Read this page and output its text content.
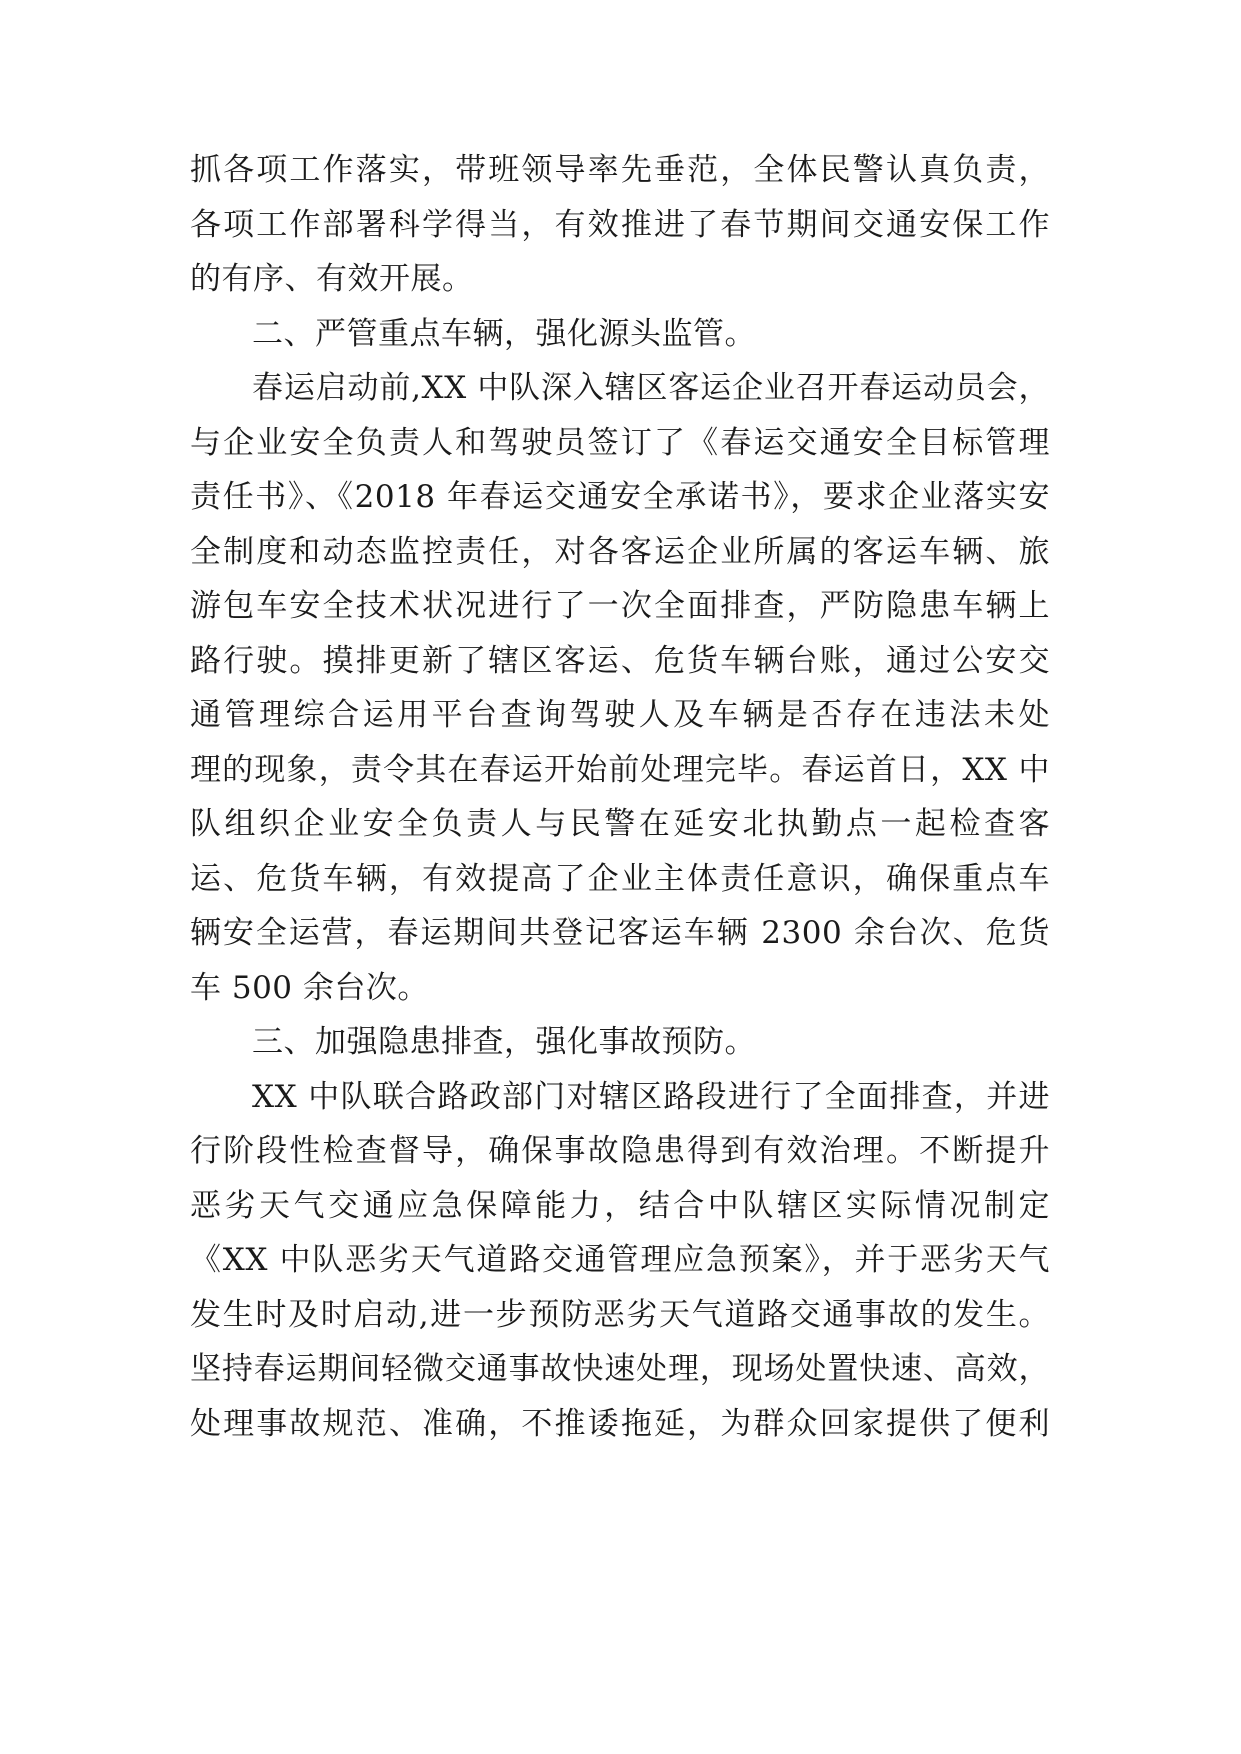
抓各项工作落实，带班领导率先垂范，全体民警认真负责，
各项工作部署科学得当，有效推进了春节期间交通安保工作
的有序、有效开展。
二、严管重点车辆，强化源头监管。
春运启动前,XX 中队深入辖区客运企业召开春运动员会，
与企业安全负责人和驾驶员签订了《春运交通安全目标管理
责任书》、《2018 年春运交通安全承诺书》，要求企业落实安
全制度和动态监控责任，对各客运企业所属的客运车辆、旅
游包车安全技术状况进行了一次全面排查，严防隐患车辆上
路行驶。摸排更新了辖区客运、危货车辆台账，通过公安交
通管理综合运用平台查询驾驶人及车辆是否存在违法未处
理的现象，责令其在春运开始前处理完毕。春运首日，XX 中
队组织企业安全负责人与民警在延安北执勤点一起检查客
运、危货车辆，有效提高了企业主体责任意识，确保重点车
辆安全运营，春运期间共登记客运车辆 2300 余台次、危货
车 500 余台次。
三、加强隐患排查，强化事故预防。
XX 中队联合路政部门对辖区路段进行了全面排查，并进
行阶段性检查督导，确保事故隐患得到有效治理。不断提升
恶劣天气交通应急保障能力，结合中队辖区实际情况制定
《XX 中队恶劣天气道路交通管理应急预案》，并于恶劣天气
发生时及时启动,进一步预防恶劣天气道路交通事故的发生。
坚持春运期间轻微交通事故快速处理，现场处置快速、高效，
处理事故规范、准确，不推诿拖延，为群众回家提供了便利
